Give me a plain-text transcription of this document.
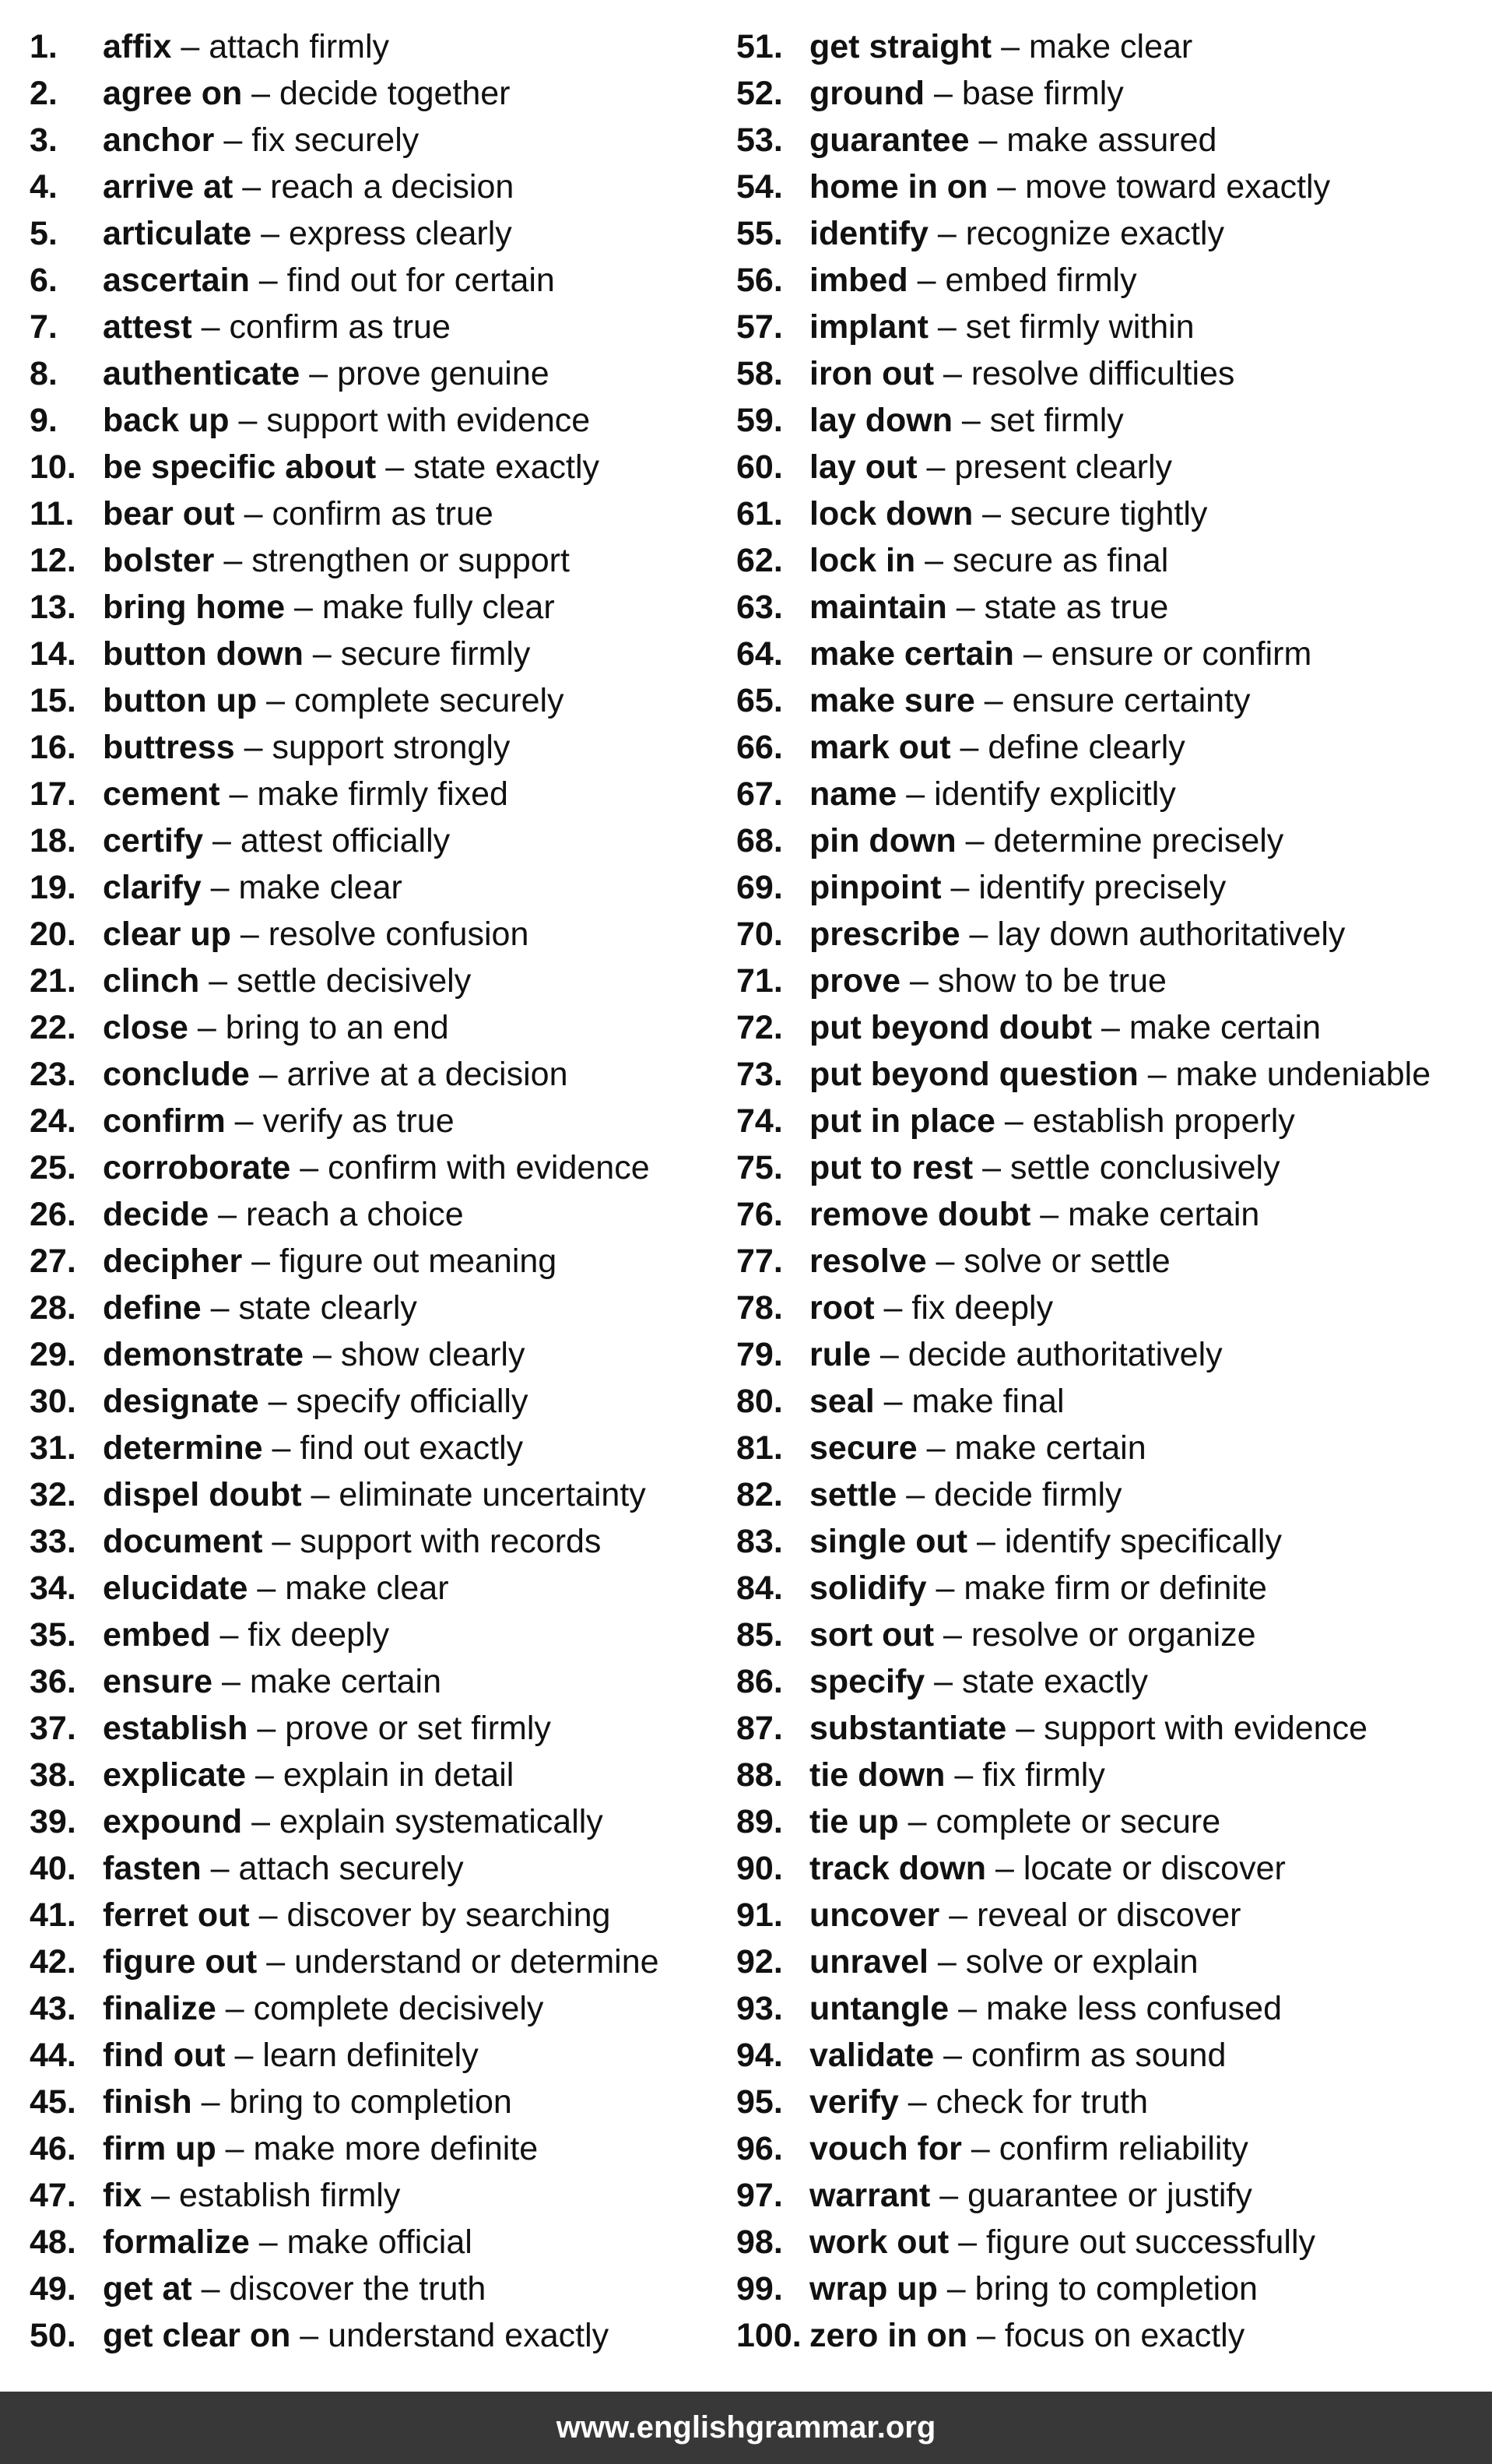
1.	affix – attach firmly
2.	agree on – decide together
3.	anchor – fix securely
4.	arrive at – reach a decision
5.	articulate – express clearly
6.	ascertain – find out for certain
7.	attest – confirm as true
8.	authenticate – prove genuine
9.	back up – support with evidence
10. be specific about – state exactly
11. bear out – confirm as true
12. bolster – strengthen or support
13. bring home – make fully clear
14. button down – secure firmly
15. button up – complete securely
16. buttress – support strongly
17. cement – make firmly fixed
18. certify – attest officially
19. clarify – make clear
20. clear up – resolve confusion
21. clinch – settle decisively
22. close – bring to an end
23. conclude – arrive at a decision
24. confirm – verify as true
25. corroborate – confirm with evidence
26. decide – reach a choice
27. decipher – figure out meaning
28. define – state clearly
29. demonstrate – show clearly
30. designate – specify officially
31. determine – find out exactly
32. dispel doubt – eliminate uncertainty
33. document – support with records
34. elucidate – make clear
35. embed – fix deeply
36. ensure – make certain
37. establish – prove or set firmly
38. explicate – explain in detail
39. expound – explain systematically
40. fasten – attach securely
41. ferret out – discover by searching
42. figure out – understand or determine
43. finalize – complete decisively
44. find out – learn definitely
45. finish – bring to completion
46. firm up – make more definite
47. fix – establish firmly
48. formalize – make official
49. get at – discover the truth
50. get clear on – understand exactly
51. get straight – make clear
52. ground – base firmly
53. guarantee – make assured
54. home in on – move toward exactly
55. identify – recognize exactly
56. imbed – embed firmly
57. implant – set firmly within
58. iron out – resolve difficulties
59. lay down – set firmly
60. lay out – present clearly
61. lock down – secure tightly
62. lock in – secure as final
63. maintain – state as true
64. make certain – ensure or confirm
65. make sure – ensure certainty
66. mark out – define clearly
67. name – identify explicitly
68. pin down – determine precisely
69. pinpoint – identify precisely
70. prescribe – lay down authoritatively
71. prove – show to be true
72. put beyond doubt – make certain
73. put beyond question – make undeniable
74. put in place – establish properly
75. put to rest – settle conclusively
76. remove doubt – make certain
77. resolve – solve or settle
78. root – fix deeply
79. rule – decide authoritatively
80. seal – make final
81. secure – make certain
82. settle – decide firmly
83. single out – identify specifically
84. solidify – make firm or definite
85. sort out – resolve or organize
86. specify – state exactly
87. substantiate – support with evidence
88. tie down – fix firmly
89. tie up – complete or secure
90. track down – locate or discover
91. uncover – reveal or discover
92. unravel – solve or explain
93. untangle – make less confused
94. validate – confirm as sound
95. verify – check for truth
96. vouch for – confirm reliability
97. warrant – guarantee or justify
98. work out – figure out successfully
99. wrap up – bring to completion
100. zero in on – focus on exactly
www.englishgrammar.org
